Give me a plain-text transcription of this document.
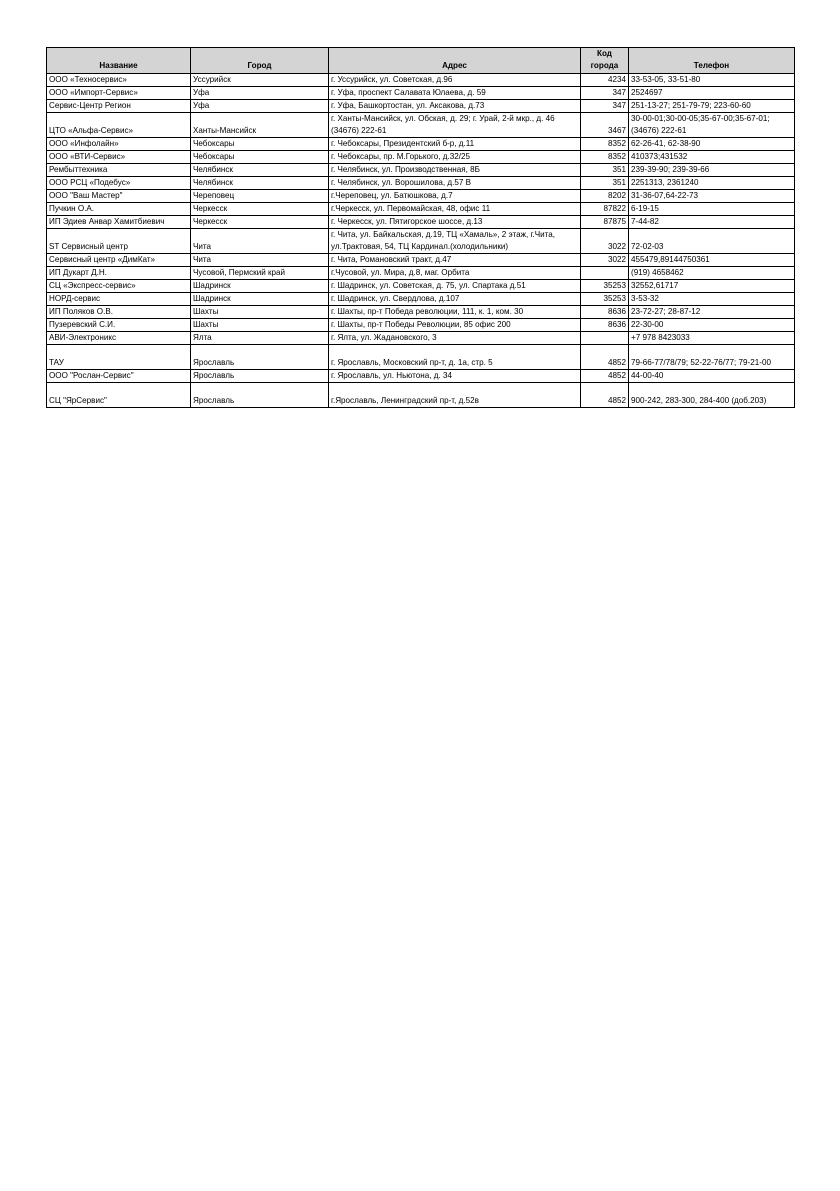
Название	Город	Адрес	Код города	Телефон
ООО «Техносервис»	Уссурийск	г. Уссурийск, ул. Советская, д.96	4234	33-53-05, 33-51-80
ООО «Импорт-Сервис»	Уфа	г. Уфа, проспект Салавата Юлаева, д. 59	347	2524697
Сервис-Центр Регион	Уфа	г. Уфа, Башкортостан, ул. Аксакова, д.73	347	251-13-27; 251-79-79; 223-60-60
ЦТО «Альфа-Сервис»	Ханты-Мансийск	г. Ханты-Мансийск, ул. Обская, д. 29; г. Урай, 2-й мкр., д. 46 (34676) 222-61	3467	30-00-01;30-00-05;35-67-00;35-67-01;(34676) 222-61
ООО «Инфолайн»	Чебоксары	г. Чебоксары, Президентский б-р, д.11	8352	62-26-41, 62-38-90
ООО «ВТИ-Сервис»	Чебоксары	г. Чебоксары, пр. М.Горького, д.32/25	8352	410373;431532
Рембыттехника	Челябинск	г. Челябинск, ул. Производственная, 8Б	351	239-39-90; 239-39-66
ООО РСЦ «Подебус»	Челябинск	г. Челябинск, ул. Ворошилова, д.57 В	351	2251313, 2361240
ООО "Ваш Мастер"	Череповец	г.Череповец, ул. Батюшкова, д.7	8202	31-36-07,64-22-73
Пучкин О.А.	Черкесск	г.Черкесск, ул. Первомайская, 48, офис 11	87822	6-19-15
ИП Эдиев Анвар Хамитбиевич	Черкесск	г. Черкесск, ул. Пятигорское шоссе, д.13	87875	7-44-82
ST Сервисный центр	Чита	г. Чита, ул. Байкальская, д.19, ТЦ «Хамаль», 2 этаж, г.Чита, ул.Трактовая, 54, ТЦ Кардинал.(холодильники)	3022	72-02-03
Сервисный центр «ДимКат»	Чита	г. Чита, Романовский тракт, д.47	3022	455479,89144750361
ИП Дукарт Д.Н.	Чусовой, Пермский край	г.Чусовой, ул. Мира, д.8, маг. Орбита		(919) 4658462
СЦ «Экспресс-сервис»	Шадринск	г. Шадринск, ул. Советская, д. 75, ул. Спартака д.51	35253	32552,61717
НОРД-сервис	Шадринск	г. Шадринск, ул. Свердлова, д.107	35253	3-53-32
ИП Поляков О.В.	Шахты	г. Шахты, пр-т Победа революции, 111, к. 1, ком. 30	8636	23-72-27; 28-87-12
Пузеревский С.И.	Шахты	г. Шахты, пр-т Победы Революции, 85 офис 200	8636	22-30-00
АВИ-Электроникс	Ялта	г. Ялта, ул. Жадановского, 3		+7 978 8423033
ТАУ	Ярославль	г. Ярославль, Московский пр-т, д. 1а, стр. 5	4852	79-66-77/78/79; 52-22-76/77; 79-21-00
ООО "Рослан-Сервис"	Ярославль	г. Ярославль, ул. Ньютона, д. 34	4852	44-00-40
СЦ "ЯрСервис"	Ярославль	г.Ярославль, Ленинградский пр-т, д.52в	4852	900-242, 283-300, 284-400 (доб.203)
